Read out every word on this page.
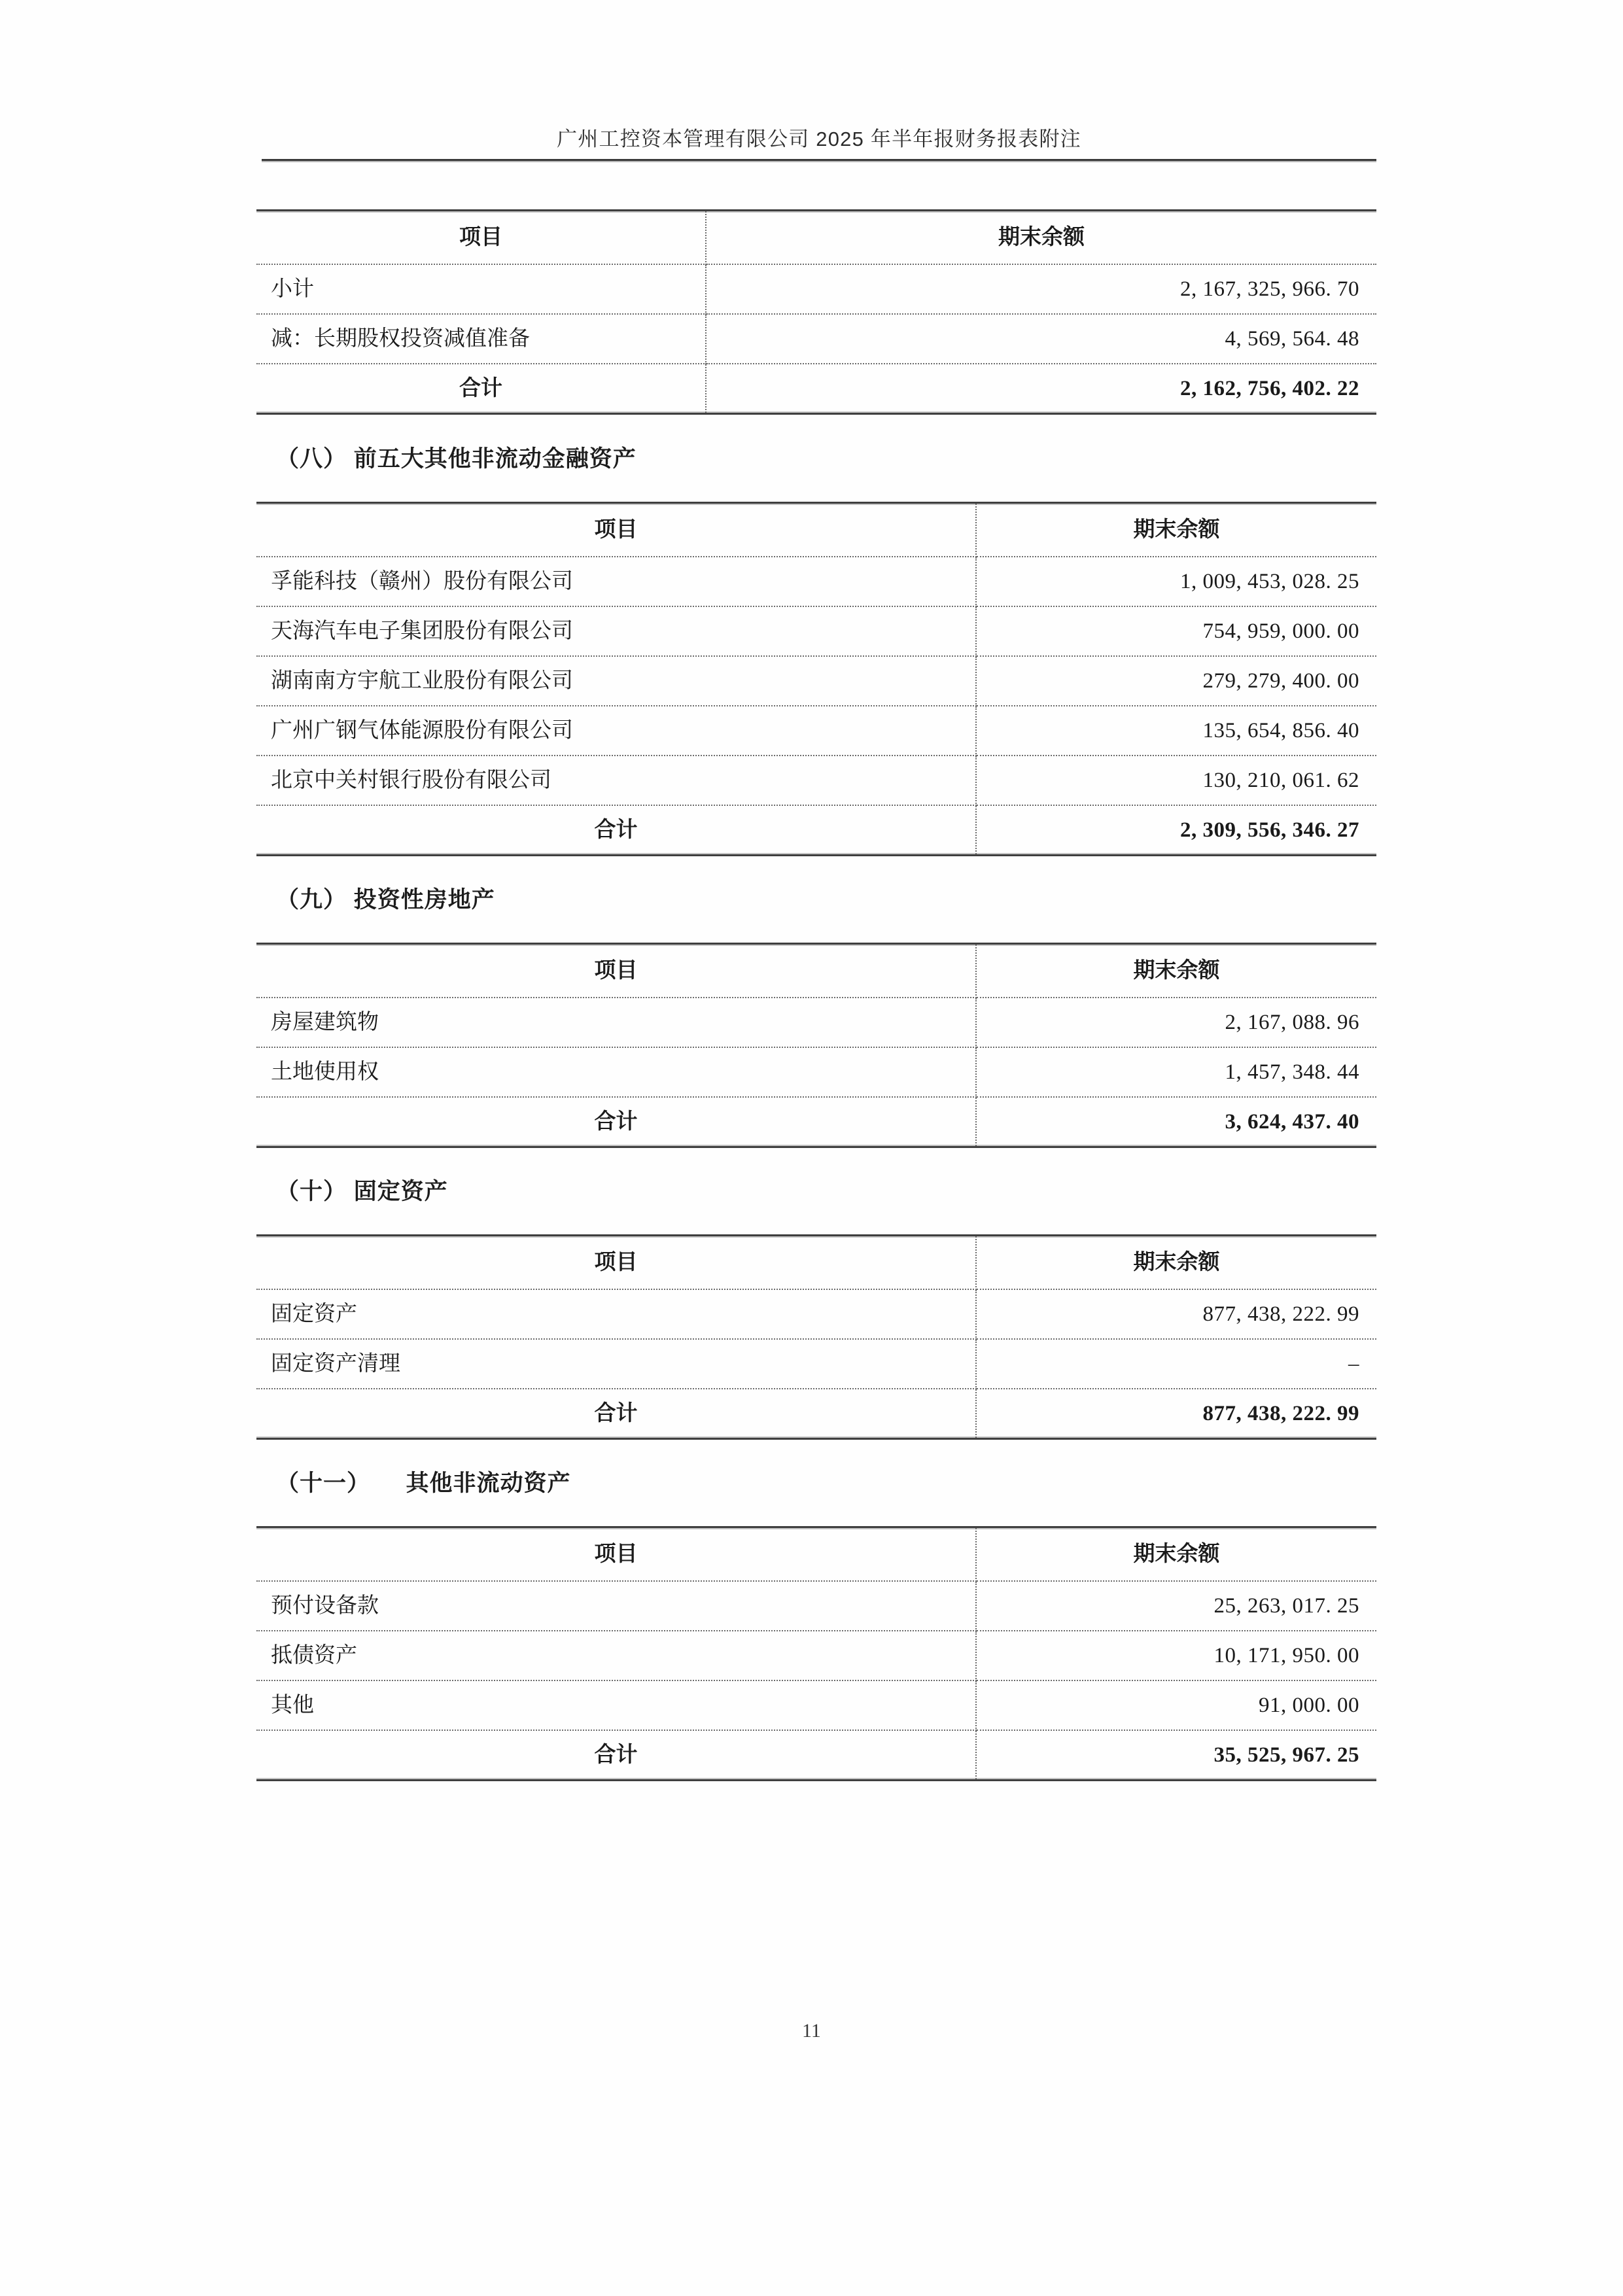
广州工控资本管理有限公司 2025 年半年报财务报表附注
项目	期末余额

小计	2, 167, 325, 966. 70

减：长期股权投资减值准备	4, 569, 564. 48

合计	2, 162, 756, 402. 22
（八） 前五大其他非流动金融资产
项目	期末余额

孚能科技（赣州）股份有限公司	1, 009, 453, 028. 25

天海汽车电子集团股份有限公司	754, 959, 000. 00

湖南南方宇航工业股份有限公司	279, 279, 400. 00

广州广钢气体能源股份有限公司	135, 654, 856. 40

北京中关村银行股份有限公司	130, 210, 061. 62

合计	2, 309, 556, 346. 27
（九） 投资性房地产
项目	期末余额

房屋建筑物	2, 167, 088. 96

土地使用权	1, 457, 348. 44

合计	3, 624, 437. 40
（十） 固定资产
项目	期末余额

固定资产	877, 438, 222. 99

固定资产清理	–

合计	877, 438, 222. 99
（十一）　　其他非流动资产
项目	期末余额

预付设备款	25, 263, 017. 25

抵债资产	10, 171, 950. 00

其他	91, 000. 00

合计	35, 525, 967. 25
11
